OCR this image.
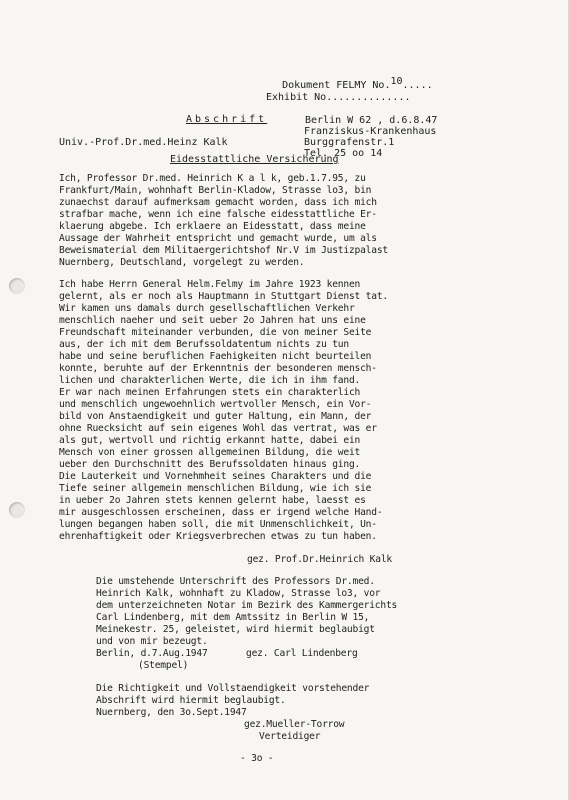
Dokument FELMY No.10.....

Exhibit No..............
Abschrift	Berlin W 62 , d.6.8.47
Univ.-Prof.Dr.med.Heinz Kalk
Franziskus-Krankenhaus
Burggrafenstr.1
Tel. 25 oo 14
Eidesstattliche Versicherung
Ich, Professor Dr.med. Heinrich K a l k, geb.1.7.95, zu
Frankfurt/Main, wohnhaft Berlin-Kladow, Strasse lo3, bin
zunaechst darauf aufmerksam gemacht worden, dass ich mich
strafbar mache, wenn ich eine falsche eidesstattliche Er-
klaerung abgebe. Ich erklaere an Eidesstatt, dass meine
Aussage der Wahrheit entspricht und gemacht wurde, um als
Beweismaterial dem Militaergerichtshof Nr.V im Justizpalast
Nuernberg, Deutschland, vorgelegt zu werden.
Ich habe Herrn General Helm.Felmy im Jahre 1923 kennen
gelernt, als er noch als Hauptmann in Stuttgart Dienst tat.
Wir kamen uns damals durch gesellschaftlichen Verkehr
menschlich naeher und seit ueber 2o Jahren hat uns eine
Freundschaft miteinander verbunden, die von meiner Seite
aus, der ich mit dem Berufssoldatentum nichts zu tun
habe und seine beruflichen Faehigkeiten nicht beurteilen
konnte, beruhte auf der Erkenntnis der besonderen mensch-
lichen und charakterlichen Werte, die ich in ihm fand.
Er war nach meinen Erfahrungen stets ein charakterlich
und menschlich ungewoehnlich wertvoller Mensch, ein Vor-
bild von Anstaendigkeit und guter Haltung, ein Mann, der
ohne Ruecksicht auf sein eigenes Wohl das vertrat, was er
als gut, wertvoll und richtig erkannt hatte, dabei ein
Mensch von einer grossen allgemeinen Bildung, die weit
ueber den Durchschnitt des Berufssoldaten hinaus ging.
Die Lauterkeit und Vornehmheit seines Charakters und die
Tiefe seiner allgemein menschlichen Bildung, wie ich sie
in ueber 2o Jahren stets kennen gelernt habe, laesst es
mir ausgeschlossen erscheinen, dass er irgend welche Hand-
lungen begangen haben soll, die mit Unmenschlichkeit, Un-
ehrenhaftigkeit oder Kriegsverbrechen etwas zu tun haben.
gez. Prof.Dr.Heinrich Kalk
Die umstehende Unterschrift des Professors Dr.med.
Heinrich Kalk, wohnhaft zu Kladow, Strasse lo3, vor
dem unterzeichneten Notar im Bezirk des Kammergerichts
Carl Lindenberg, mit dem Amtssitz in Berlin W 15,
Meinekestr. 25, geleistet, wird hiermit beglaubigt
und von mir bezeugt.
Berlin, d.7.Aug.1947	gez. Carl Lindenberg
(Stempel)
Die Richtigkeit und Vollstaendigkeit vorstehender
Abschrift wird hiermit beglaubigt.
Nuernberg, den 3o.Sept.1947
gez.Mueller-Torrow
Verteidiger
- 3o -
